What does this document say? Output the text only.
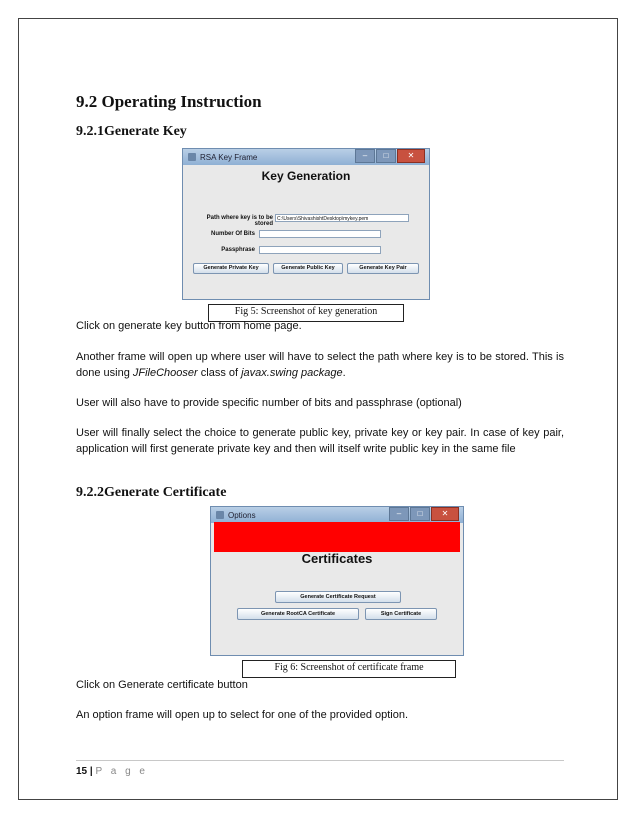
9.2 Operating Instruction
9.2.1Generate Key
RSA Key Frame	–	□	✕
Key Generation
Path where key is to be stored
C:\Users\ShivashishtDesktop\mykey.pem
Number Of Bits
Passphrase
Generate Private Key	Generate Public Key	Generate Key Pair
Fig 5: Screenshot of key generation
Click on generate key button from home page.
Another frame will open up where user will have to select the path where key is to be stored. This is done using JFileChooser class of javax.swing package.
User will also have to provide specific number of bits and passphrase (optional)
User will finally select the choice to generate public key, private key or key pair. In case of key pair, application will first generate private key and then will itself write public key in the same file
9.2.2Generate Certificate
Options	–	□	✕
Certificates
Generate Certificate Request
Generate RootCA Certificate	Sign Certificate
Fig 6: Screenshot of certificate frame
Click on Generate certificate button
An option frame will open up to select for one of the provided option.
15 | P a g e
